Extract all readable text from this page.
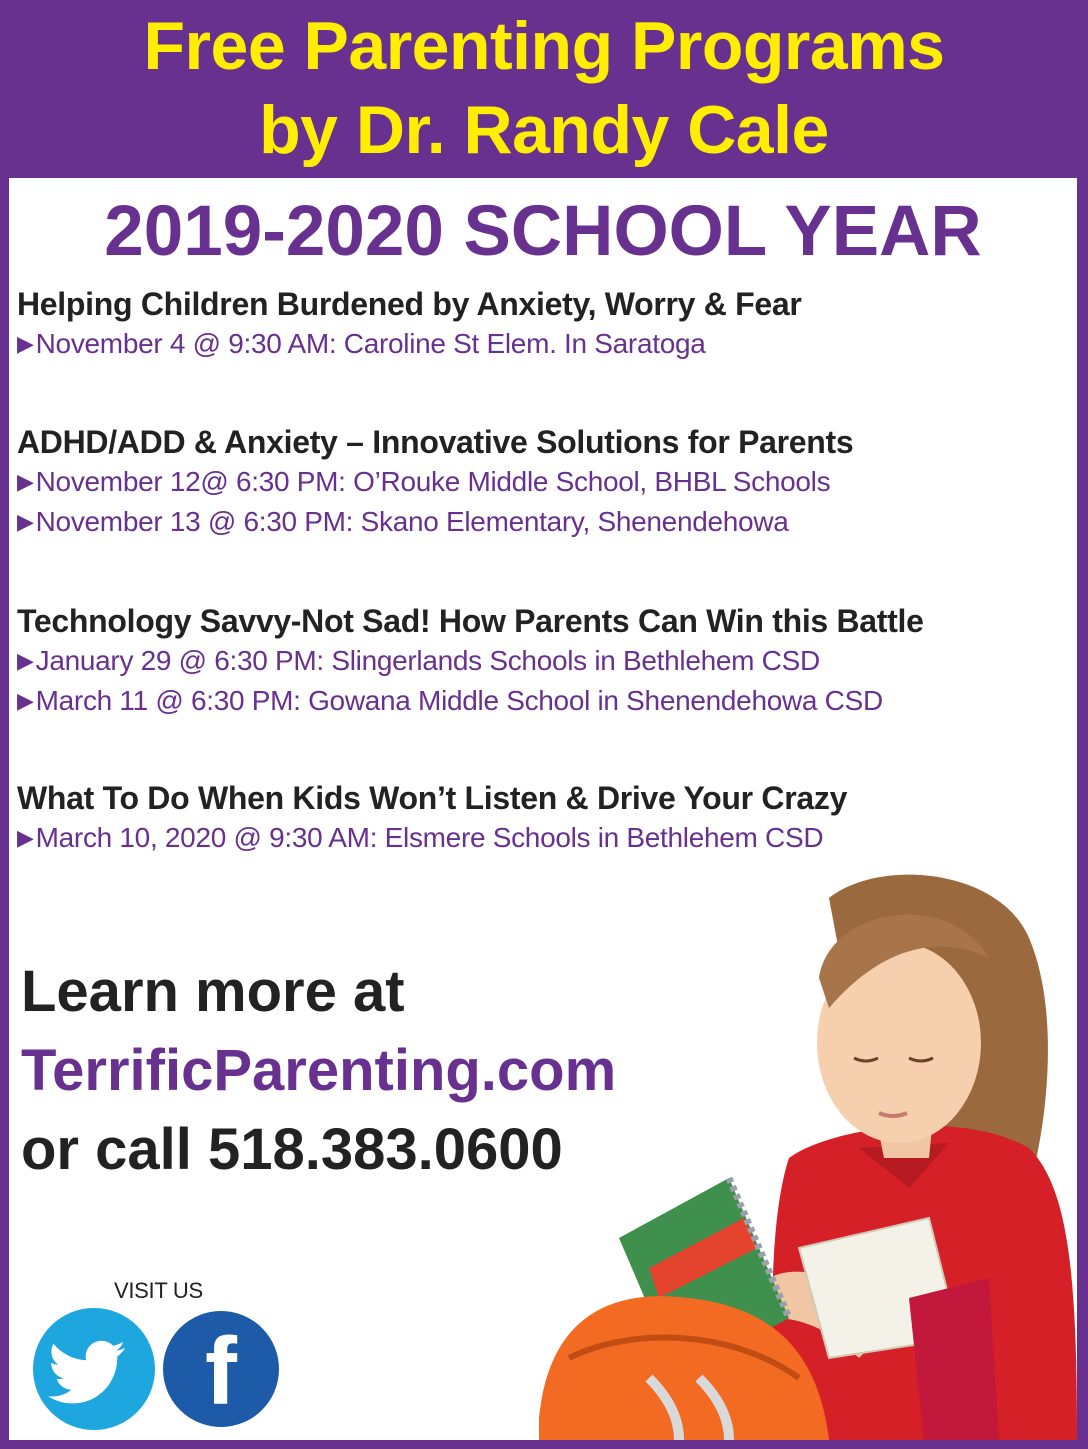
Free Parenting Programs
by Dr. Randy Cale
2019-2020 SCHOOL YEAR
Helping Children Burdened by Anxiety, Worry & Fear
▶November 4 @ 9:30 AM: Caroline St Elem. In Saratoga
ADHD/ADD & Anxiety – Innovative Solutions for Parents
▶November 12@ 6:30 PM: O’Rouke Middle School, BHBL Schools
▶November 13 @ 6:30 PM: Skano Elementary, Shenendehowa
Technology Savvy-Not Sad! How Parents Can Win this Battle
▶January 29 @ 6:30 PM: Slingerlands Schools in Bethlehem CSD
▶March 11 @ 6:30 PM: Gowana Middle School in Shenendehowa CSD
What To Do When Kids Won’t Listen & Drive Your Crazy
▶March 10, 2020 @ 9:30 AM: Elsmere Schools in Bethlehem CSD
Learn more at
TerrificParenting.com
or call 518.383.0600
VISIT US
f
